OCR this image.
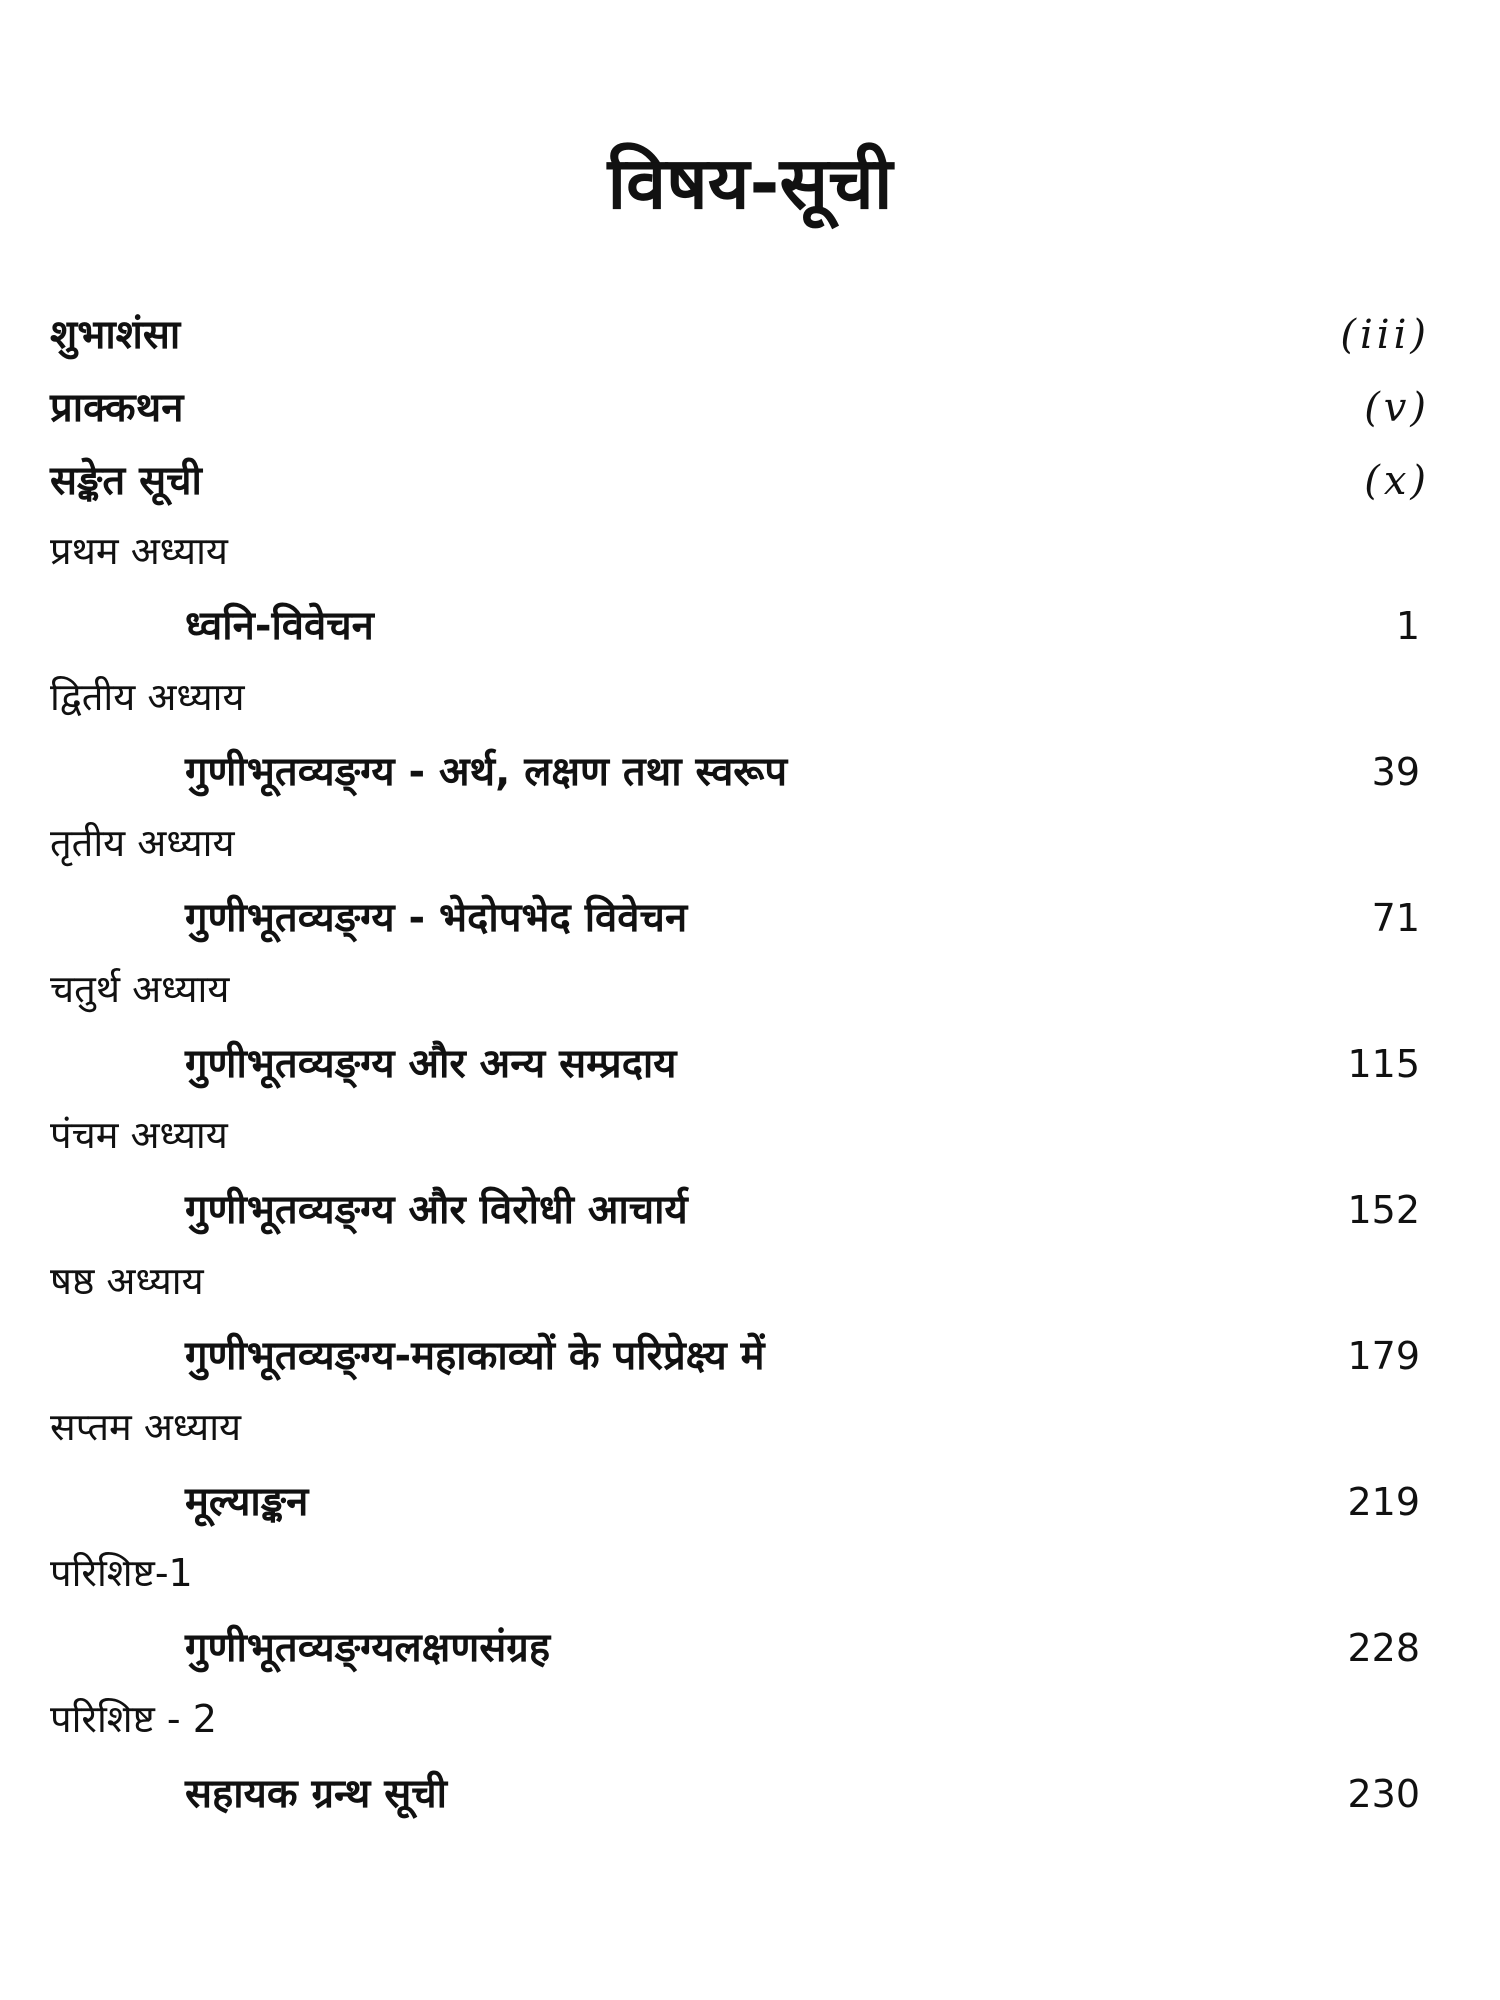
विषय-सूची
शुभाशंसा	(iii)
प्राक्कथन	(v)
सङ्केत सूची	(x)
प्रथम अध्याय
ध्वनि-विवेचन	1
द्वितीय अध्याय
गुणीभूतव्यङ्ग्य - अर्थ, लक्षण तथा स्वरूप	39
तृतीय अध्याय
गुणीभूतव्यङ्ग्य - भेदोपभेद विवेचन	71
चतुर्थ अध्याय
गुणीभूतव्यङ्ग्य और अन्य सम्प्रदाय	115
पंचम अध्याय
गुणीभूतव्यङ्ग्य और विरोधी आचार्य	152
षष्ठ अध्याय
गुणीभूतव्यङ्ग्य-महाकाव्यों के परिप्रेक्ष्य में	179
सप्तम अध्याय
मूल्याङ्कन	219
परिशिष्ट-1
गुणीभूतव्यङ्ग्यलक्षणसंग्रह	228
परिशिष्ट - 2
सहायक ग्रन्थ सूची	230
